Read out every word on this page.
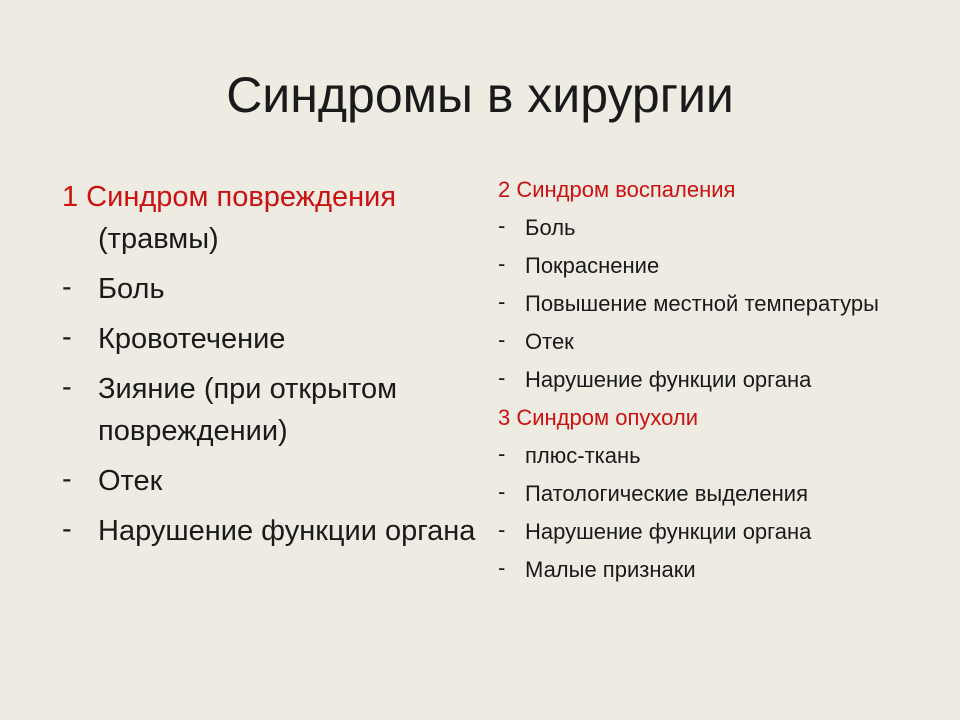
Синдромы в хирургии
1 Синдром повреждения
(травмы)
- Боль
- Кровотечение
- Зияние (при открытом повреждении)
- Отек
- Нарушение функции органа
2 Синдром воспаления
- Боль
- Покраснение
- Повышение местной температуры
- Отек
- Нарушение функции органа
3 Синдром опухоли
- плюс-ткань
- Патологические выделения
- Нарушение функции органа
- Малые признаки
